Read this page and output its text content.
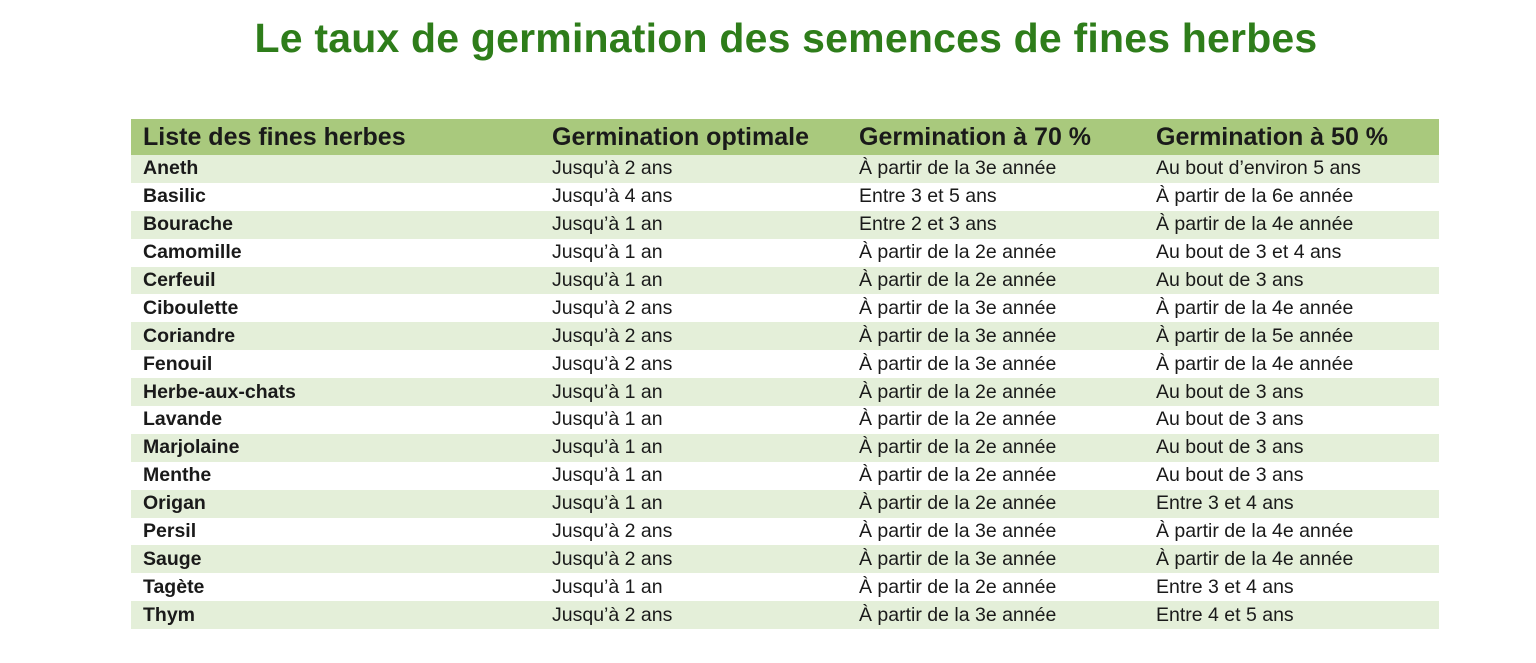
Le taux de germination des semences de fines herbes
Liste des fines herbes	Germination optimale	Germination à 70 %	Germination à 50 %
Aneth	Jusqu’à 2 ans	À partir de la 3e année	Au bout d’environ 5 ans
Basilic	Jusqu’à 4 ans	Entre 3 et 5 ans	À partir de la 6e année
Bourache	Jusqu’à 1 an	Entre 2 et 3 ans	À partir de la 4e année
Camomille	Jusqu’à 1 an	À partir de la 2e année	Au bout de 3 et 4 ans
Cerfeuil	Jusqu’à 1 an	À partir de la 2e année	Au bout de 3 ans
Ciboulette	Jusqu’à 2 ans	À partir de la 3e année	À partir de la 4e année
Coriandre	Jusqu’à 2 ans	À partir de la 3e année	À partir de la 5e année
Fenouil	Jusqu’à 2 ans	À partir de la 3e année	À partir de la 4e année
Herbe-aux-chats	Jusqu’à 1 an	À partir de la 2e année	Au bout de 3 ans
Lavande	Jusqu’à 1 an	À partir de la 2e année	Au bout de 3 ans
Marjolaine	Jusqu’à 1 an	À partir de la 2e année	Au bout de 3 ans
Menthe	Jusqu’à 1 an	À partir de la 2e année	Au bout de 3 ans
Origan	Jusqu’à 1 an	À partir de la 2e année	Entre 3 et 4 ans
Persil	Jusqu’à 2 ans	À partir de la 3e année	À partir de la 4e année
Sauge	Jusqu’à 2 ans	À partir de la 3e année	À partir de la 4e année
Tagète	Jusqu’à 1 an	À partir de la 2e année	Entre 3 et 4 ans
Thym	Jusqu’à 2 ans	À partir de la 3e année	Entre 4 et 5 ans
